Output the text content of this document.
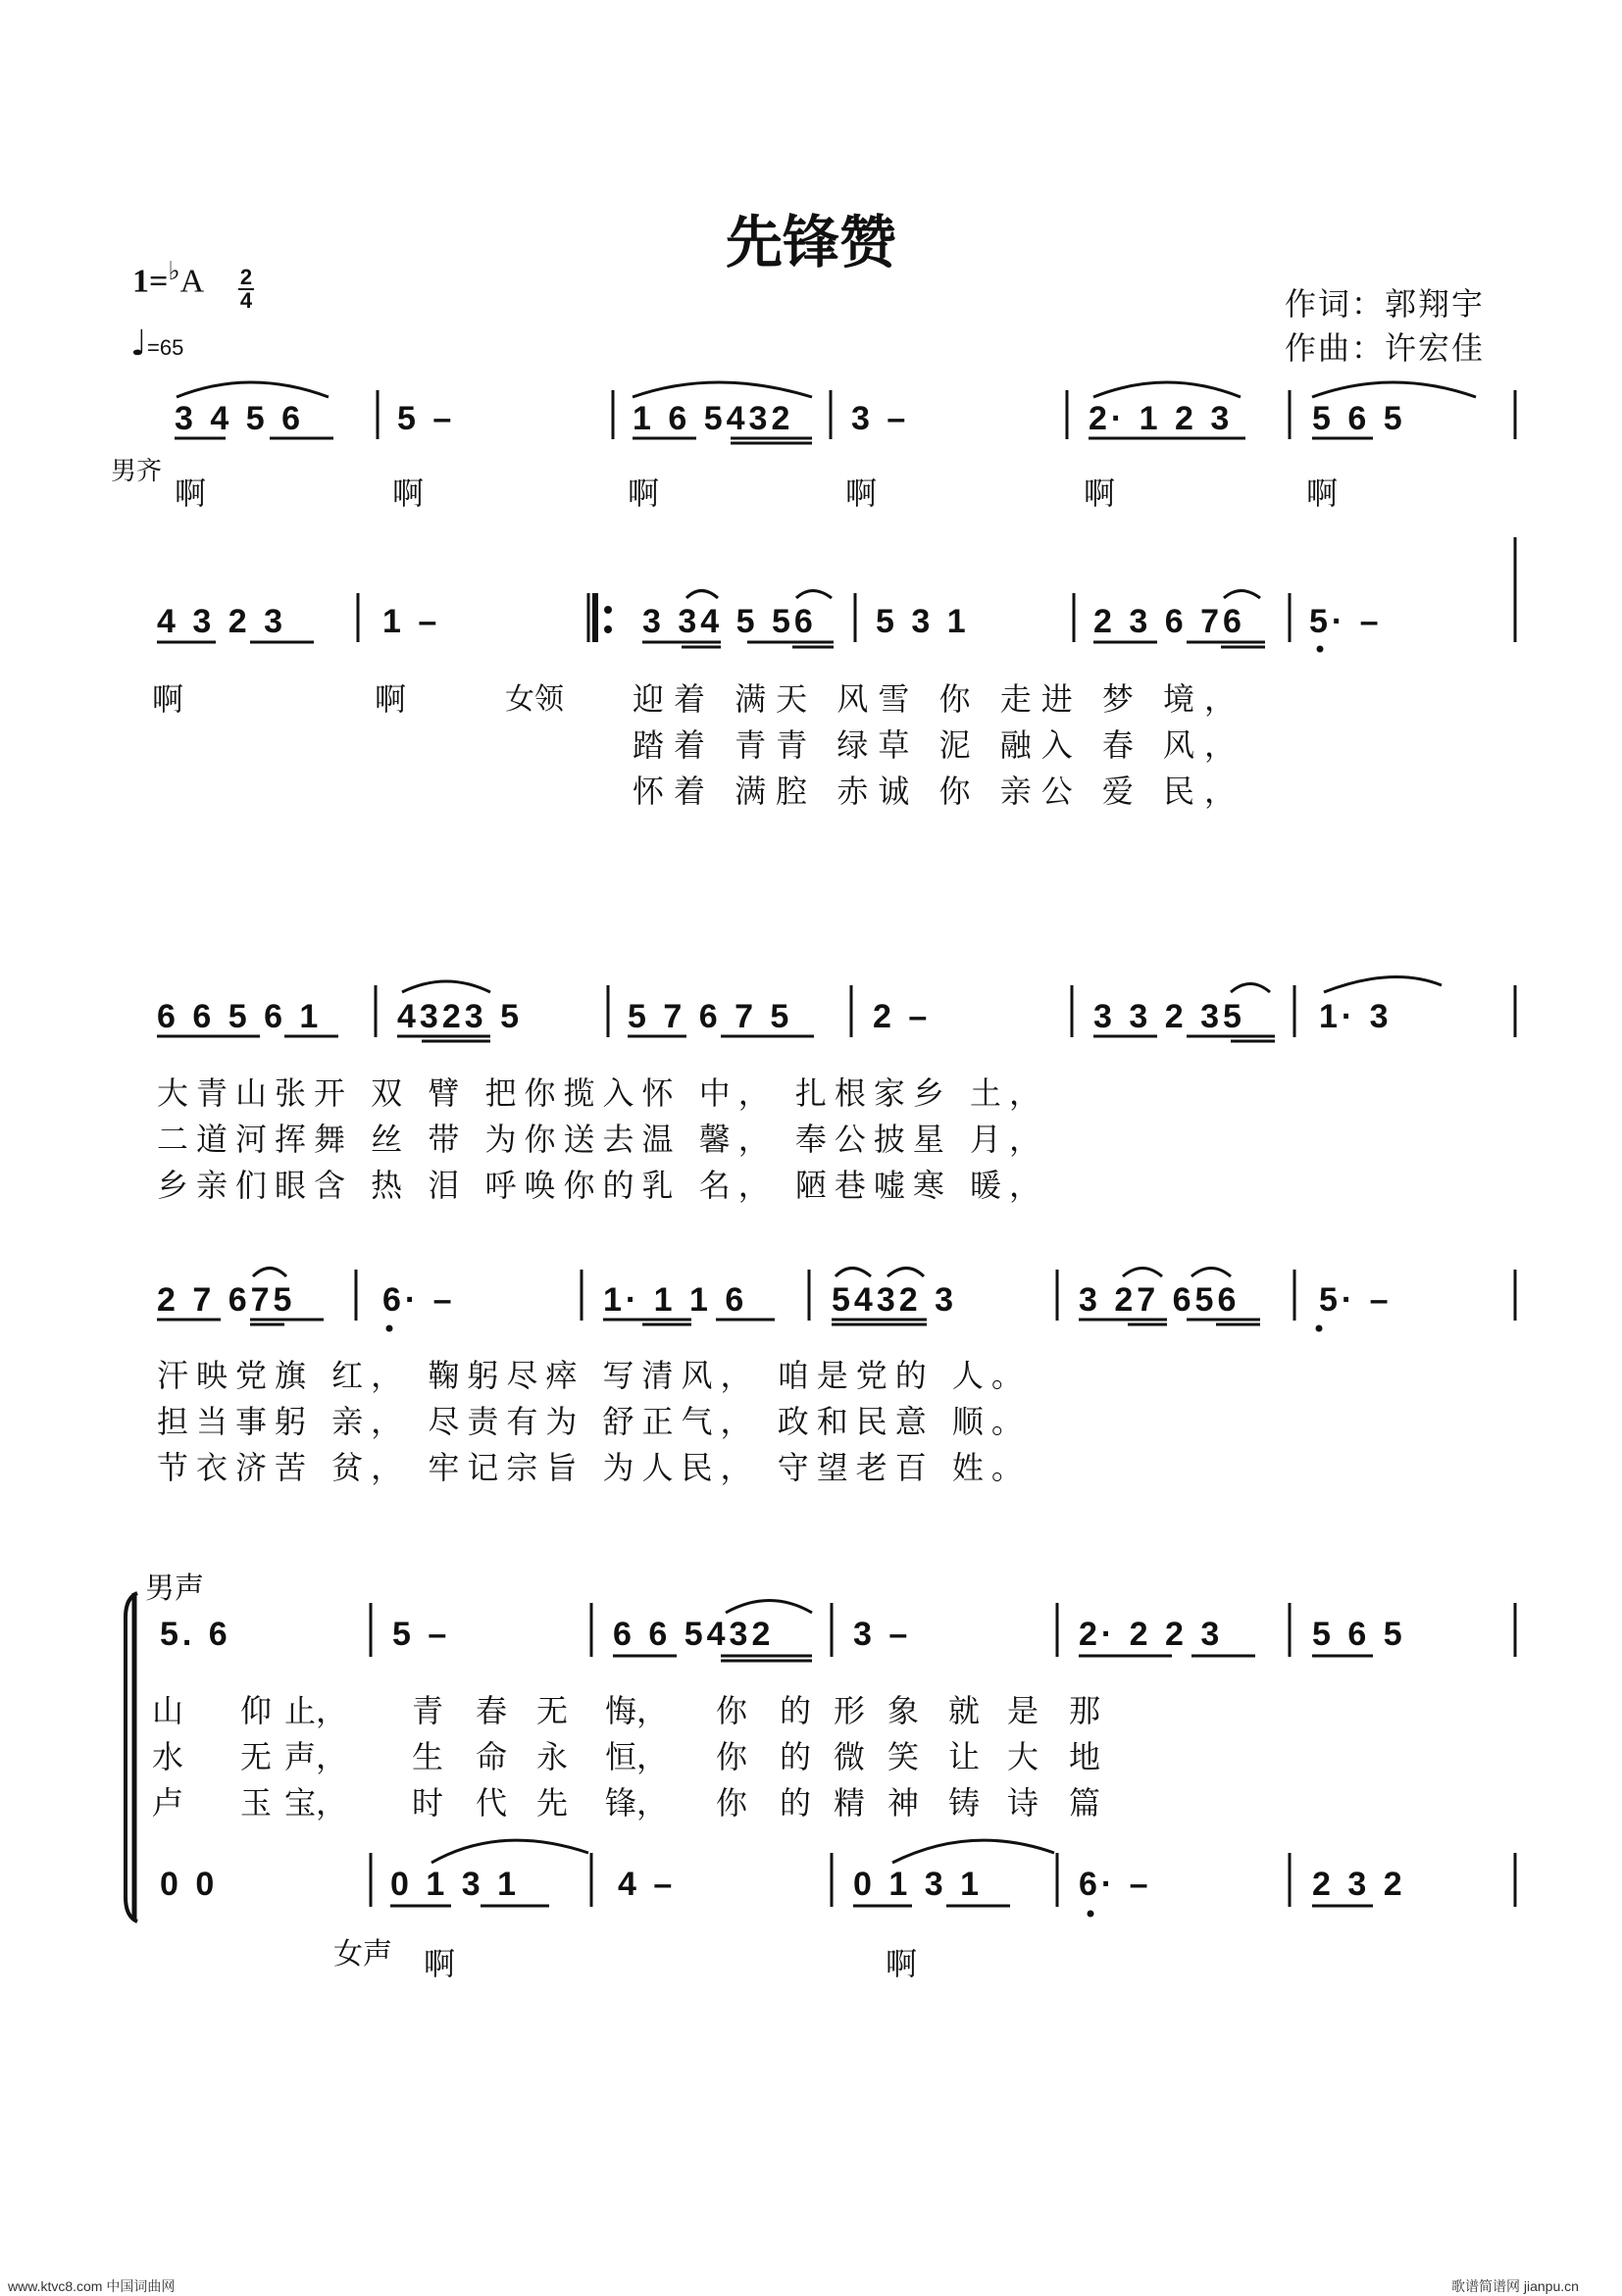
先锋赞
1=♭A 2
4
♩=65
作词：郭翔宇
作曲：许宏佳
男齐
3 4 5 6	5 –	1 6 5432 3 –	2· 1 2 3 5 6 5
啊	啊	啊	啊	啊	啊
4 3 2 3	1 –	3 34 5 56 5 3 1	2 3 6 76 5· –
啊	啊	女领 迎着 满天 风雪 你 走进 梦 境，
踏着 青青 绿草 泥 融入 春 风，
怀着 满腔 赤诚 你 亲公 爱 民，
6 6 5 6 1 4323 5	5 7 6 7 5 2 –	3 3 2 35 1· 3
大青山张开 双 臂 把你揽入怀 中， 扎根家乡 土，
二道河挥舞 丝 带 为你送去温 馨， 奉公披星 月，
乡亲们眼含 热 泪 呼唤你的乳 名， 陋巷嘘寒 暖，
2 7 675	6· –	1· 1 1 6	5432 3	3 27 656 5· –
汗映党旗 红， 鞠躬尽瘁 写清风， 咱是党的 人。
担当事躬 亲， 尽责有为 舒正气， 政和民意 顺。
节衣济苦 贫， 牢记宗旨 为人民， 守望老百 姓。
男声
5. 6	5 –	6 6 5432 3 –	2· 2 2 3	5 6 5
山 仰 止， 青 春 无 悔， 你 的 形 象 就 是 那
水 无 声， 生 命 永 恒， 你 的 微 笑 让 大 地
卢 玉 宝， 时 代 先 锋， 你 的 精 神 铸 诗 篇
0 0	0 1 3 1	4 –	0 1 3 1	6· –	2 3 2
女声 啊	啊
www.ktvc8.com 中国词曲网	歌谱简谱网 jianpu.cn
